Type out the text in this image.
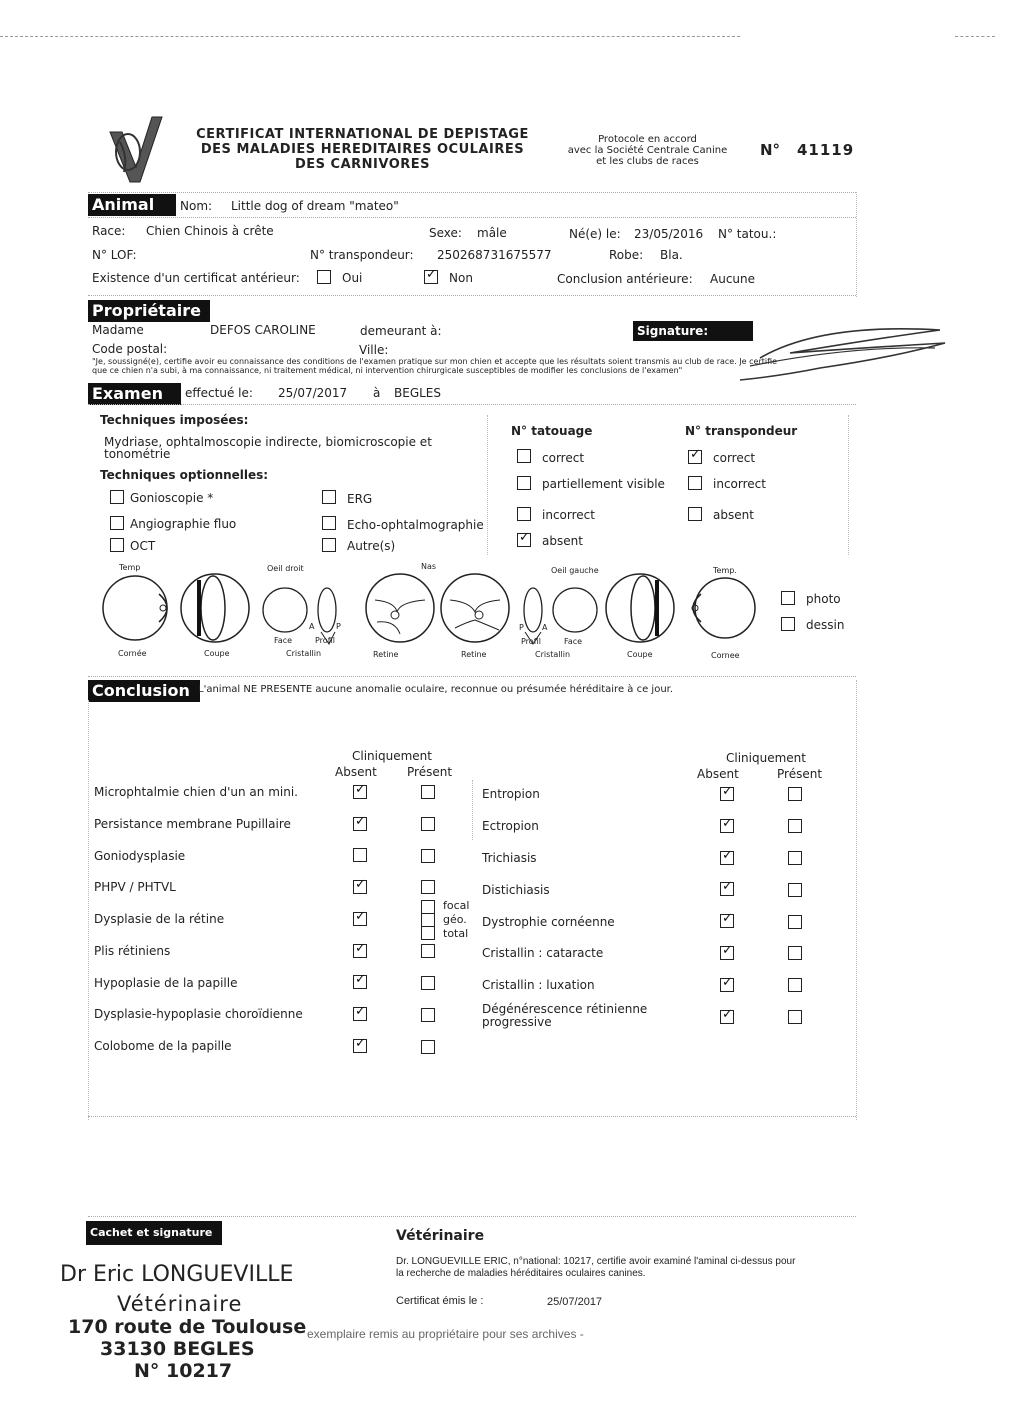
CERTIFICAT INTERNATIONAL DE DEPISTAGE
DES MALADIES HEREDITAIRES OCULAIRES
DES CARNIVORES
Protocole en accord
avec la Société Centrale Canine
et les clubs de races
N° 41119
Animal	Nom: Little dog of dream "mateo"
Race: Chien Chinois à crête	Sexe: mâle	Né(e) le: 23/05/2016 N° tatou.:
N° LOF:	N° transpondeur: 250268731675577	Robe: Bla.
Existence d'un certificat antérieur:	Oui
✓	Non	Conclusion antérieure: Aucune
Propriétaire
Madame	DEFOS CAROLINE	demeurant à:	Signature:
Code postal:	Ville:
"Je, soussigné(e), certifie avoir eu connaissance des conditions de l'examen pratique sur mon chien et accepte que les résultats soient transmis au club de race. Je certifie
que ce chien n'a subi, à ma connaissance, ni traitement médical, ni intervention chirurgicale susceptibles de modifier les conclusions de l'examen"
Examen	effectué le: 25/07/2017 à BEGLES
Techniques imposées:
Mydriase, ophtalmoscopie indirecte, biomicroscopie et
tonométrie
Techniques optionnelles:
Gonioscopie *	ERG
Angiographie fluo	Echo-ophtalmographie
OCT	Autre(s)
N° tatouage
correct
partiellement visible
incorrect
✓
absent
N° transpondeur
✓
correct
incorrect
absent
Temp	Oeil droit	Nas	Oeil gauche	Temp.
A	P	P A
Cornée	Coupe
Face	Profil
Cristallin	Retine	Retine
Profil	Face
Cristallin	Coupe	Cornee
photo
dessin
Conclusion L'animal NE PRESENTE aucune anomalie oculaire, reconnue ou présumée héréditaire à ce jour.
Cliniquement
Absent	Présent
Cliniquement
Absent	Présent
Microphtalmie chien d'un an mini.
Persistance membrane Pupillaire
Goniodysplasie
PHPV / PHTVL
Dysplasie de la rétine
Plis rétiniens
Hypoplasie de la papille
Dysplasie-hypoplasie choroïdienne
Colobome de la papille
✓
✓
✓
✓
✓
✓
✓
✓
focal
géo.
total
Entropion
Ectropion
Trichiasis
Distichiasis
Dystrophie cornéenne
Cristallin : cataracte
Cristallin : luxation
Dégénérescence rétinienne
progressive
✓
✓
✓
✓
✓
✓
✓
✓
Cachet et signature	Vétérinaire
Dr. LONGUEVILLE ERIC, n°national: 10217, certifie avoir examiné l'aminal ci-dessus pour
la recherche de maladies héréditaires oculaires canines.
Certificat émis le :	25/07/2017
exemplaire remis au propriétaire pour ses archives -
Dr Eric LONGUEVILLE
Vétérinaire
170 route de Toulouse
33130 BEGLES
N° 10217
